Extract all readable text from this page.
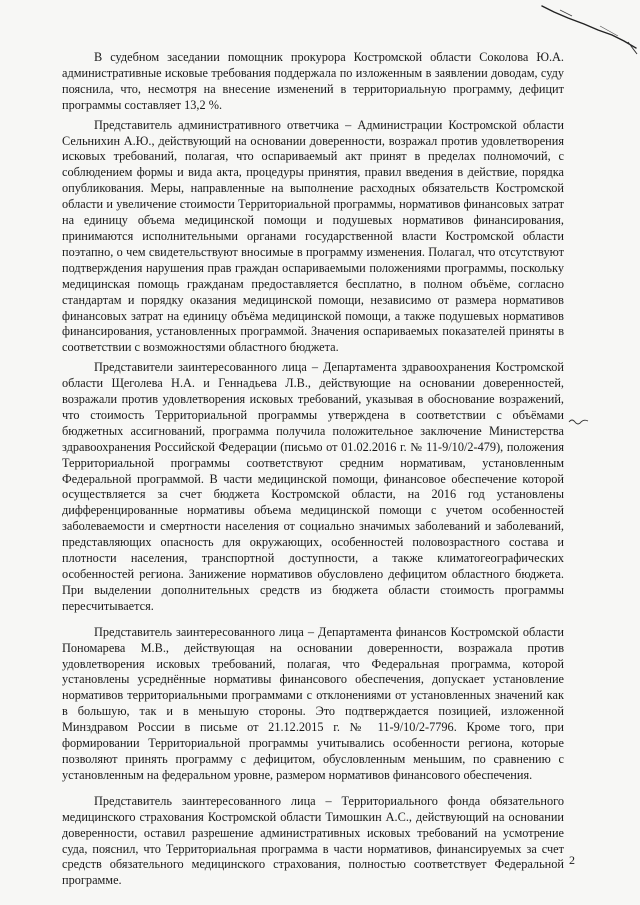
В судебном заседании помощник прокурора Костромской области Соколова Ю.А. административные исковые требования поддержала по изложенным в заявлении доводам, суду пояснила, что, несмотря на внесение изменений в территориальную программу, дефицит программы составляет 13,2 %.

Представитель административного ответчика – Администрации Костромской области Сельнихин А.Ю., действующий на основании доверенности, возражал против удовлетворения исковых требований, полагая, что оспариваемый акт принят в пределах полномочий, с соблюдением формы и вида акта, процедуры принятия, правил введения в действие, порядка опубликования. Меры, направленные на выполнение расходных обязательств Костромской области и увеличение стоимости Территориальной программы, нормативов финансовых затрат на единицу объема медицинской помощи и подушевых нормативов финансирования, принимаются исполнительными органами государственной власти Костромской области поэтапно, о чем свидетельствуют вносимые в программу изменения. Полагал, что отсутствуют подтверждения нарушения прав граждан оспариваемыми положениями программы, поскольку медицинская помощь гражданам предоставляется бесплатно, в полном объёме, согласно стандартам и порядку оказания медицинской помощи, независимо от размера нормативов финансовых затрат на единицу объёма медицинской помощи, а также подушевых нормативов финансирования, установленных программой. Значения оспариваемых показателей приняты в соответствии с возможностями областного бюджета.

Представители заинтересованного лица – Департамента здравоохранения Костромской области Щеголева Н.А. и Геннадьева Л.В., действующие на основании доверенностей, возражали против удовлетворения исковых требований, указывая в обоснование возражений, что стоимость Территориальной программы утверждена в соответствии с объёмами бюджетных ассигнований, программа получила положительное заключение Министерства здравоохранения Российской Федерации (письмо от 01.02.2016 г. № 11-9/10/2-479), положения Территориальной программы соответствуют средним нормативам, установленным Федеральной программой. В части медицинской помощи, финансовое обеспечение которой осуществляется за счет бюджета Костромской области, на 2016 год установлены дифференцированные нормативы объема медицинской помощи с учетом особенностей заболеваемости и смертности населения от социально значимых заболеваний и заболеваний, представляющих опасность для окружающих, особенностей половозрастного состава и плотности населения, транспортной доступности, а также климатогеографических особенностей региона. Занижение нормативов обусловлено дефицитом областного бюджета. При выделении дополнительных средств из бюджета области стоимость программы пересчитывается.

Представитель заинтересованного лица – Департамента финансов Костромской области Пономарева М.В., действующая на основании доверенности, возражала против удовлетворения исковых требований, полагая, что Федеральная программа, которой установлены усреднённые нормативы финансового обеспечения, допускает установление нормативов территориальными программами с отклонениями от установленных значений как в большую, так и в меньшую стороны. Это подтверждается позицией, изложенной Минздравом России в письме от 21.12.2015 г. № 11-9/10/2-7796. Кроме того, при формировании Территориальной программы учитывались особенности региона, которые позволяют принять программу с дефицитом, обусловленным меньшим, по сравнению с установленным на федеральном уровне, размером нормативов финансового обеспечения.

Представитель заинтересованного лица – Территориального фонда обязательного медицинского страхования Костромской области Тимошкин А.С., действующий на основании доверенности, оставил разрешение административных исковых требований на усмотрение суда, пояснил, что Территориальная программа в части нормативов, финансируемых за счет средств обязательного медицинского страхования, полностью соответствует Федеральной программе.

2
